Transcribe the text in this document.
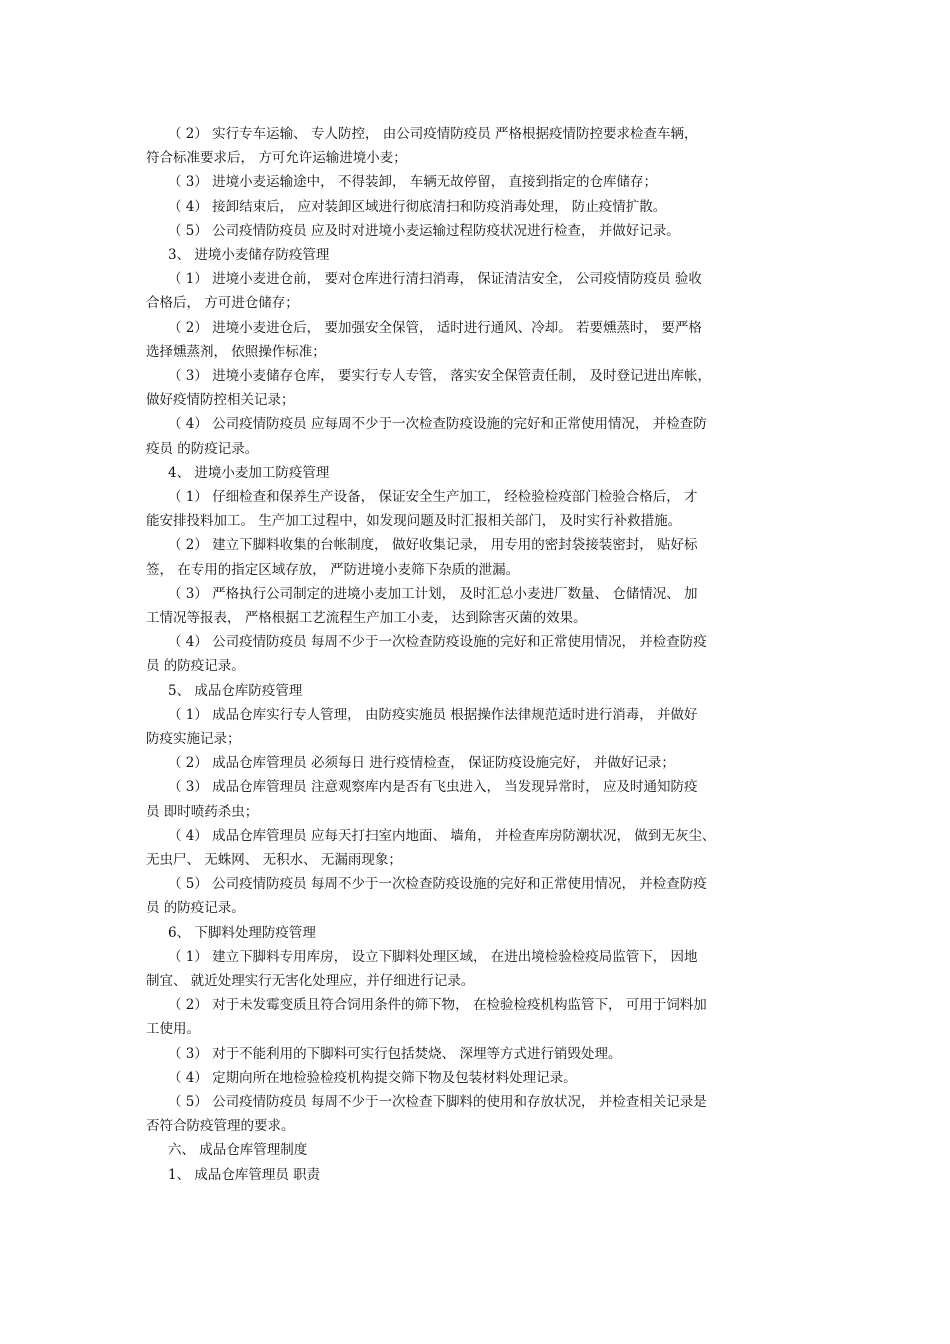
（ 2） 实行专车运输、 专人防控， 由公司疫情防疫员 严格根据疫情防控要求检查车辆，
符合标准要求后， 方可允许运输进境小麦；
（ 3） 进境小麦运输途中， 不得装卸， 车辆无故停留， 直接到指定的仓库储存；
（ 4） 接卸结束后， 应对装卸区域进行彻底清扫和防疫消毒处理， 防止疫情扩散。
（ 5） 公司疫情防疫员 应及时对进境小麦运输过程防疫状况进行检查， 并做好记录。
3、 进境小麦储存防疫管理
（ 1） 进境小麦进仓前， 要对仓库进行清扫消毒， 保证清洁安全， 公司疫情防疫员 验收
合格后， 方可进仓储存；
（ 2） 进境小麦进仓后， 要加强安全保管， 适时进行通风、冷却。 若要燻蒸时， 要严格
选择燻蒸剂， 依照操作标准；
（ 3） 进境小麦储存仓库， 要实行专人专管， 落实安全保管责任制， 及时登记进出库帐，
做好疫情防控相关记录；
（ 4） 公司疫情防疫员 应每周不少于一次检查防疫设施的完好和正常使用情况， 并检查防
疫员 的防疫记录。
4、 进境小麦加工防疫管理
（ 1） 仔细检查和保养生产设备， 保证安全生产加工， 经检验检疫部门检验合格后， 才
能安排投料加工。 生产加工过程中，如发现问题及时汇报相关部门， 及时实行补救措施。
（ 2） 建立下脚料收集的台帐制度， 做好收集记录， 用专用的密封袋接装密封， 贴好标
签， 在专用的指定区域存放， 严防进境小麦筛下杂质的泄漏。
（ 3） 严格执行公司制定的进境小麦加工计划， 及时汇总小麦进厂数量、 仓储情况、 加
工情况等报表， 严格根据工艺流程生产加工小麦， 达到除害灭菌的效果。
（ 4） 公司疫情防疫员 每周不少于一次检查防疫设施的完好和正常使用情况， 并检查防疫
员 的防疫记录。
5、 成品仓库防疫管理
（ 1） 成品仓库实行专人管理， 由防疫实施员 根据操作法律规范适时进行消毒， 并做好
防疫实施记录；
（ 2） 成品仓库管理员 必须每日 进行疫情检查， 保证防疫设施完好， 并做好记录；
（ 3） 成品仓库管理员 注意观察库内是否有飞虫进入， 当发现异常时， 应及时通知防疫
员 即时喷药杀虫；
（ 4） 成品仓库管理员 应每天打扫室内地面、 墙角， 并检查库房防潮状况， 做到无灰尘、
无虫尸、 无蛛网、 无积水、 无漏雨现象；
（ 5） 公司疫情防疫员 每周不少于一次检查防疫设施的完好和正常使用情况， 并检查防疫
员 的防疫记录。
6、 下脚料处理防疫管理
（ 1） 建立下脚料专用库房， 设立下脚料处理区域， 在进出境检验检疫局监管下， 因地
制宜、 就近处理实行无害化处理应，并仔细进行记录。
（ 2） 对于未发霉变质且符合饲用条件的筛下物， 在检验检疫机构监管下， 可用于饲料加
工使用。
（ 3） 对于不能利用的下脚料可实行包括焚烧、 深埋等方式进行销毁处理。
（ 4） 定期向所在地检验检疫机构提交筛下物及包装材料处理记录。
（ 5） 公司疫情防疫员 每周不少于一次检查下脚料的使用和存放状况， 并检查相关记录是
否符合防疫管理的要求。
六、 成品仓库管理制度
1、 成品仓库管理员 职责
